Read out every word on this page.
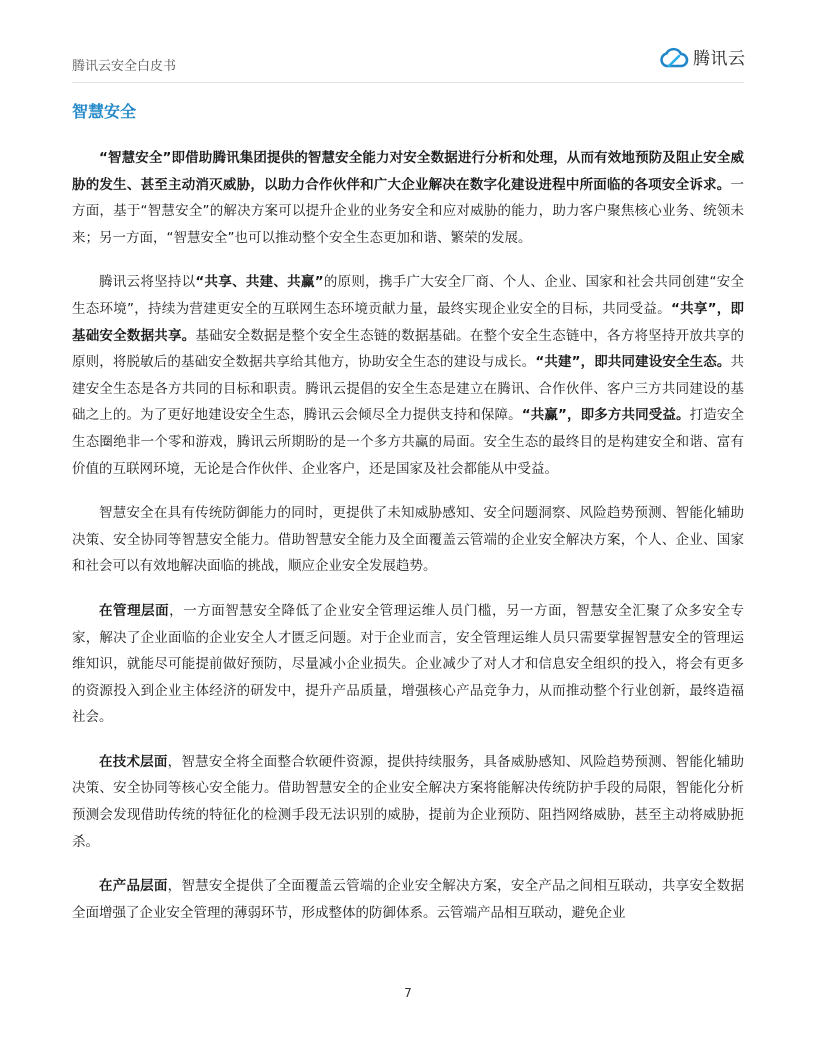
腾讯云安全白皮书	腾讯云
智慧安全

“智慧安全”即借助腾讯集团提供的智慧安全能力对安全数据进行分析和处理，从而有效地预防及阻止安全威胁的发生、甚至主动消灭威胁，以助力合作伙伴和广大企业解决在数字化建设进程中所面临的各项安全诉求。一方面，基于“智慧安全”的解决方案可以提升企业的业务安全和应对威胁的能力，助力客户聚焦核心业务、统领未来；另一方面，“智慧安全”也可以推动整个安全生态更加和谐、繁荣的发展。

腾讯云将坚持以“共享、共建、共赢”的原则，携手广大安全厂商、个人、企业、国家和社会共同创建“安全生态环境”，持续为营建更安全的互联网生态环境贡献力量，最终实现企业安全的目标，共同受益。“共享”，即基础安全数据共享。基础安全数据是整个安全生态链的数据基础。在整个安全生态链中，各方将坚持开放共享的原则，将脱敏后的基础安全数据共享给其他方，协助安全生态的建设与成长。“共建”，即共同建设安全生态。共建安全生态是各方共同的目标和职责。腾讯云提倡的安全生态是建立在腾讯、合作伙伴、客户三方共同建设的基础之上的。为了更好地建设安全生态，腾讯云会倾尽全力提供支持和保障。“共赢”，即多方共同受益。打造安全生态圈绝非一个零和游戏，腾讯云所期盼的是一个多方共赢的局面。安全生态的最终目的是构建安全和谐、富有价值的互联网环境，无论是合作伙伴、企业客户，还是国家及社会都能从中受益。

智慧安全在具有传统防御能力的同时，更提供了未知威胁感知、安全问题洞察、风险趋势预测、智能化辅助决策、安全协同等智慧安全能力。借助智慧安全能力及全面覆盖云管端的企业安全解决方案，个人、企业、国家和社会可以有效地解决面临的挑战，顺应企业安全发展趋势。

在管理层面，一方面智慧安全降低了企业安全管理运维人员门槛，另一方面，智慧安全汇聚了众多安全专家，解决了企业面临的企业安全人才匮乏问题。对于企业而言，安全管理运维人员只需要掌握智慧安全的管理运维知识，就能尽可能提前做好预防，尽量减小企业损失。企业减少了对人才和信息安全组织的投入，将会有更多的资源投入到企业主体经济的研发中，提升产品质量，增强核心产品竞争力，从而推动整个行业创新，最终造福社会。

在技术层面，智慧安全将全面整合软硬件资源，提供持续服务，具备威胁感知、风险趋势预测、智能化辅助决策、安全协同等核心安全能力。借助智慧安全的企业安全解决方案将能解决传统防护手段的局限，智能化分析预测会发现借助传统的特征化的检测手段无法识别的威胁，提前为企业预防、阻挡网络威胁，甚至主动将威胁扼杀。

在产品层面，智慧安全提供了全面覆盖云管端的企业安全解决方案，安全产品之间相互联动，共享安全数据全面增强了企业安全管理的薄弱环节，形成整体的防御体系。云管端产品相互联动，避免企业

7
